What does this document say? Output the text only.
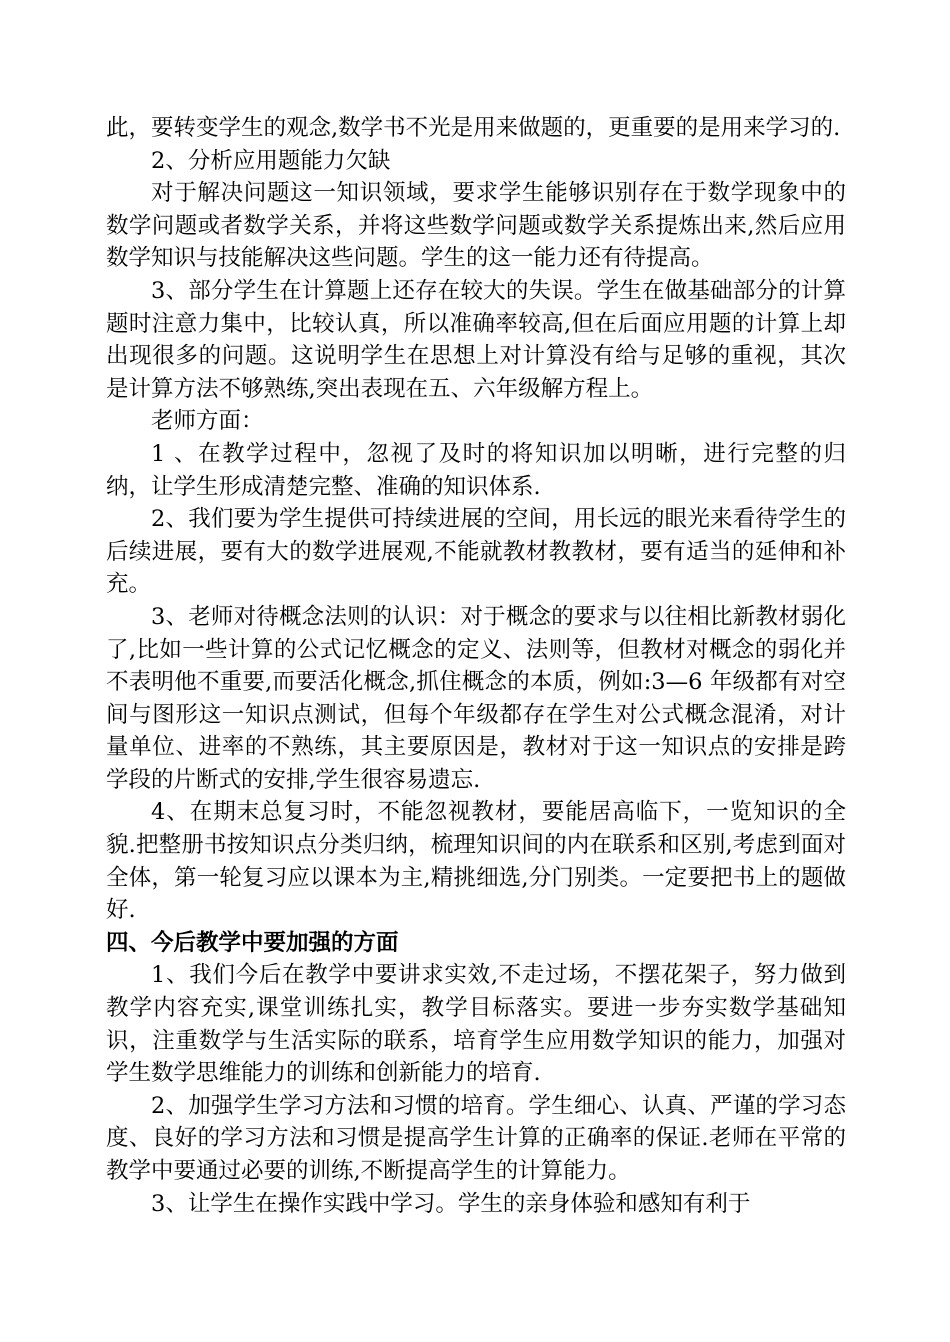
此，要转变学生的观念,数学书不光是用来做题的，更重要的是用来学习的.

2、分析应用题能力欠缺

对于解决问题这一知识领域，要求学生能够识别存在于数学现象中的数学问题或者数学关系，并将这些数学问题或数学关系提炼出来,然后应用数学知识与技能解决这些问题。学生的这一能力还有待提高。

3、部分学生在计算题上还存在较大的失误。学生在做基础部分的计算题时注意力集中，比较认真，所以准确率较高,但在后面应用题的计算上却出现很多的问题。这说明学生在思想上对计算没有给与足够的重视，其次是计算方法不够熟练,突出表现在五、六年级解方程上。

老师方面：

1 、在教学过程中，忽视了及时的将知识加以明晰，进行完整的归纳，让学生形成清楚完整、准确的知识体系.

2、我们要为学生提供可持续进展的空间，用长远的眼光来看待学生的后续进展，要有大的数学进展观,不能就教材教教材，要有适当的延伸和补充。

3、老师对待概念法则的认识：对于概念的要求与以往相比新教材弱化了,比如一些计算的公式记忆概念的定义、法则等，但教材对概念的弱化并不表明他不重要,而要活化概念,抓住概念的本质，例如:3—6 年级都有对空间与图形这一知识点测试，但每个年级都存在学生对公式概念混淆，对计量单位、进率的不熟练，其主要原因是，教材对于这一知识点的安排是跨学段的片断式的安排,学生很容易遗忘.

4、在期末总复习时，不能忽视教材，要能居高临下，一览知识的全貌.把整册书按知识点分类归纳，梳理知识间的内在联系和区别,考虑到面对全体，第一轮复习应以课本为主,精挑细选,分门别类。一定要把书上的题做好.

四、今后教学中要加强的方面

1、我们今后在教学中要讲求实效,不走过场，不摆花架子，努力做到教学内容充实,课堂训练扎实，教学目标落实。要进一步夯实数学基础知识，注重数学与生活实际的联系，培育学生应用数学知识的能力，加强对学生数学思维能力的训练和创新能力的培育.

2、加强学生学习方法和习惯的培育。学生细心、认真、严谨的学习态度、良好的学习方法和习惯是提高学生计算的正确率的保证.老师在平常的教学中要通过必要的训练,不断提高学生的计算能力。

3、让学生在操作实践中学习。学生的亲身体验和感知有利于
